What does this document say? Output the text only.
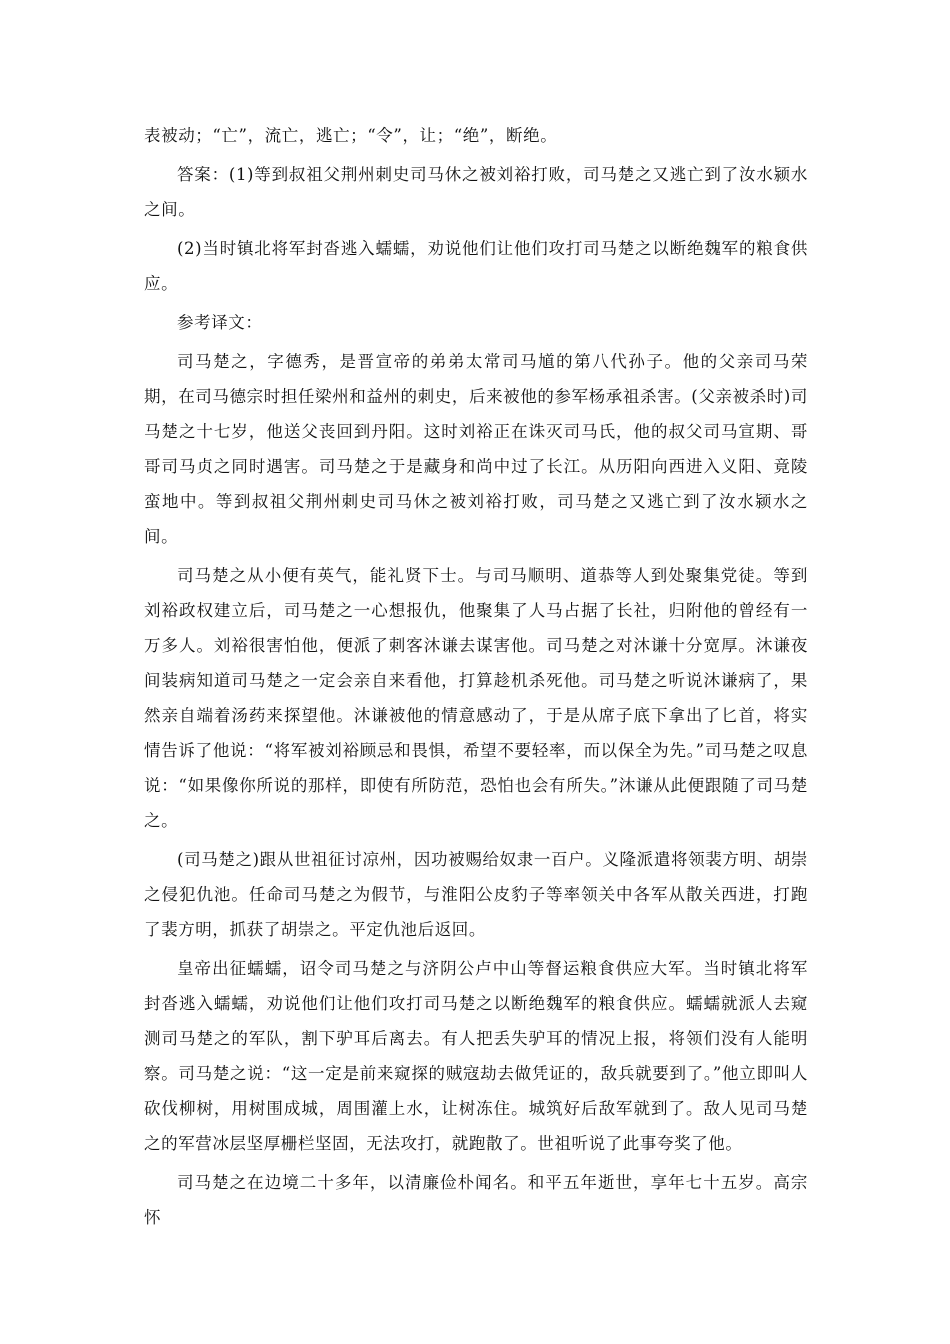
表被动；“亡”，流亡，逃亡；“令”，让；“绝”，断绝。

答案：(1)等到叔祖父荆州刺史司马休之被刘裕打败，司马楚之又逃亡到了汝水颍水之间。

(2)当时镇北将军封沓逃入蠕蠕，劝说他们让他们攻打司马楚之以断绝魏军的粮食供应。

参考译文：

司马楚之，字德秀，是晋宣帝的弟弟太常司马馗的第八代孙子。他的父亲司马荣期，在司马德宗时担任梁州和益州的刺史，后来被他的参军杨承祖杀害。(父亲被杀时)司马楚之十七岁，他送父丧回到丹阳。这时刘裕正在诛灭司马氏，他的叔父司马宣期、哥哥司马贞之同时遇害。司马楚之于是藏身和尚中过了长江。从历阳向西进入义阳、竟陵蛮地中。等到叔祖父荆州刺史司马休之被刘裕打败，司马楚之又逃亡到了汝水颍水之间。

司马楚之从小便有英气，能礼贤下士。与司马顺明、道恭等人到处聚集党徒。等到刘裕政权建立后，司马楚之一心想报仇，他聚集了人马占据了长社，归附他的曾经有一万多人。刘裕很害怕他，便派了刺客沐谦去谋害他。司马楚之对沐谦十分宽厚。沐谦夜间装病知道司马楚之一定会亲自来看他，打算趁机杀死他。司马楚之听说沐谦病了，果然亲自端着汤药来探望他。沐谦被他的情意感动了，于是从席子底下拿出了匕首，将实情告诉了他说：“将军被刘裕顾忌和畏惧，希望不要轻率，而以保全为先。”司马楚之叹息说：“如果像你所说的那样，即使有所防范，恐怕也会有所失。”沐谦从此便跟随了司马楚之。

(司马楚之)跟从世祖征讨凉州，因功被赐给奴隶一百户。义隆派遣将领裴方明、胡崇之侵犯仇池。任命司马楚之为假节，与淮阳公皮豹子等率领关中各军从散关西进，打跑了裴方明，抓获了胡崇之。平定仇池后返回。

皇帝出征蠕蠕，诏令司马楚之与济阴公卢中山等督运粮食供应大军。当时镇北将军封沓逃入蠕蠕，劝说他们让他们攻打司马楚之以断绝魏军的粮食供应。蠕蠕就派人去窥测司马楚之的军队，割下驴耳后离去。有人把丢失驴耳的情况上报，将领们没有人能明察。司马楚之说：“这一定是前来窥探的贼寇劫去做凭证的，敌兵就要到了。”他立即叫人砍伐柳树，用树围成城，周围灌上水，让树冻住。城筑好后敌军就到了。敌人见司马楚之的军营冰层坚厚栅栏坚固，无法攻打，就跑散了。世祖听说了此事夸奖了他。

司马楚之在边境二十多年，以清廉俭朴闻名。和平五年逝世，享年七十五岁。高宗怀
